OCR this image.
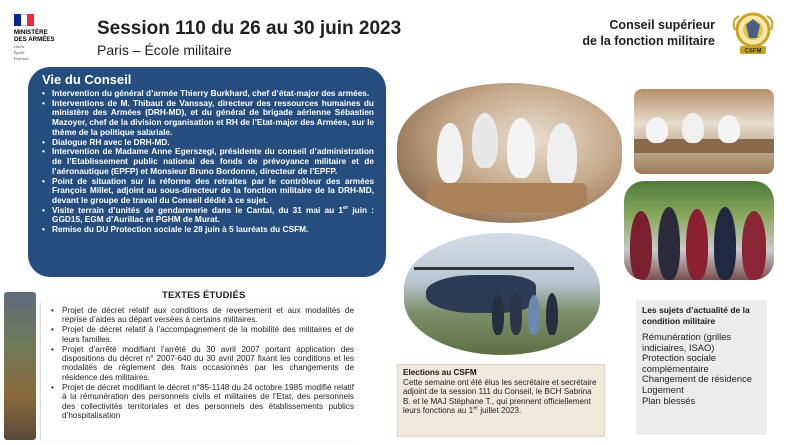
MINISTÈRE
DES ARMÉES
Liberté
Égalité
Fraternité
Session 110 du 26 au 30 juin 2023
Paris – École militaire
Conseil supérieur
de la fonction militaire
CSFM
Vie du Conseil
• Intervention du général d’armée Thierry Burkhard, chef d’état-major des armées.
• Interventions de M. Thibaut de Vanssay, directeur des ressources humaines du ministère des Armées (DRH-MD), et du général de brigade aérienne Sébastien Mazoyer, chef de la division organisation et RH de l’Etat-major des Armées, sur le thème de la politique salariale.
• Dialogue RH avec le DRH-MD.
• Intervention de Madame Anne Egerszegi, présidente du conseil d’administration de l’Etablissement public national des fonds de prévoyance militaire et de l’aéronautique (EPFP) et Monsieur Bruno Bordonne, directeur de l’EPFP.
• Point de situation sur la réforme des retraites par le contrôleur des armées François Millet, adjoint au sous-directeur de la fonction militaire de la DRH-MD, devant le groupe de travail du Conseil dédié à ce sujet.
• Visite terrain d’unités de gendarmerie dans le Cantal, du 31 mai au 1er juin : GGD15, EGM d’Aurillac et PGHM de Murat.
• Remise du DU Protection sociale le 28 juin à 5 lauréats du CSFM.
TEXTES ÉTUDIÉS
• Projet de décret relatif aux conditions de reversement et aux modalités de reprise d’aides au départ versées à certains militaires.
• Projet de décret relatif à l’accompagnement de la mobilité des militaires et de leurs familles.
• Projet d’arrêté modifiant l’arrêté du 30 avril 2007 portant application des dispositions du décret n° 2007-640 du 30 avril 2007 fixant les conditions et les modalités de règlement des frais occasionnés par les changements de résidence des militaires.
• Projet de décret modifiant le décret n°85-1148 du 24 octobre 1985 modifié relatif à la rémunération des personnels civils et militaires de l’Etat, des personnels des collectivités territoriales et des personnels des établissements publics d’hospitalisation
Elections au CSFM

Cette semaine ont été élus les secrétaire et secrétaire adjoint de la session 111 du Conseil, le BCH Sabrina B. et le MAJ Stéphane T., qui prennent officiellement leurs fonctions au 1er juillet 2023.

Les sujets d’actualité de la condition militaire
Rémunération (grilles indiciaires, ISAO)
Protection sociale complémentaire
Changement de résidence
Logement
Plan blessés
